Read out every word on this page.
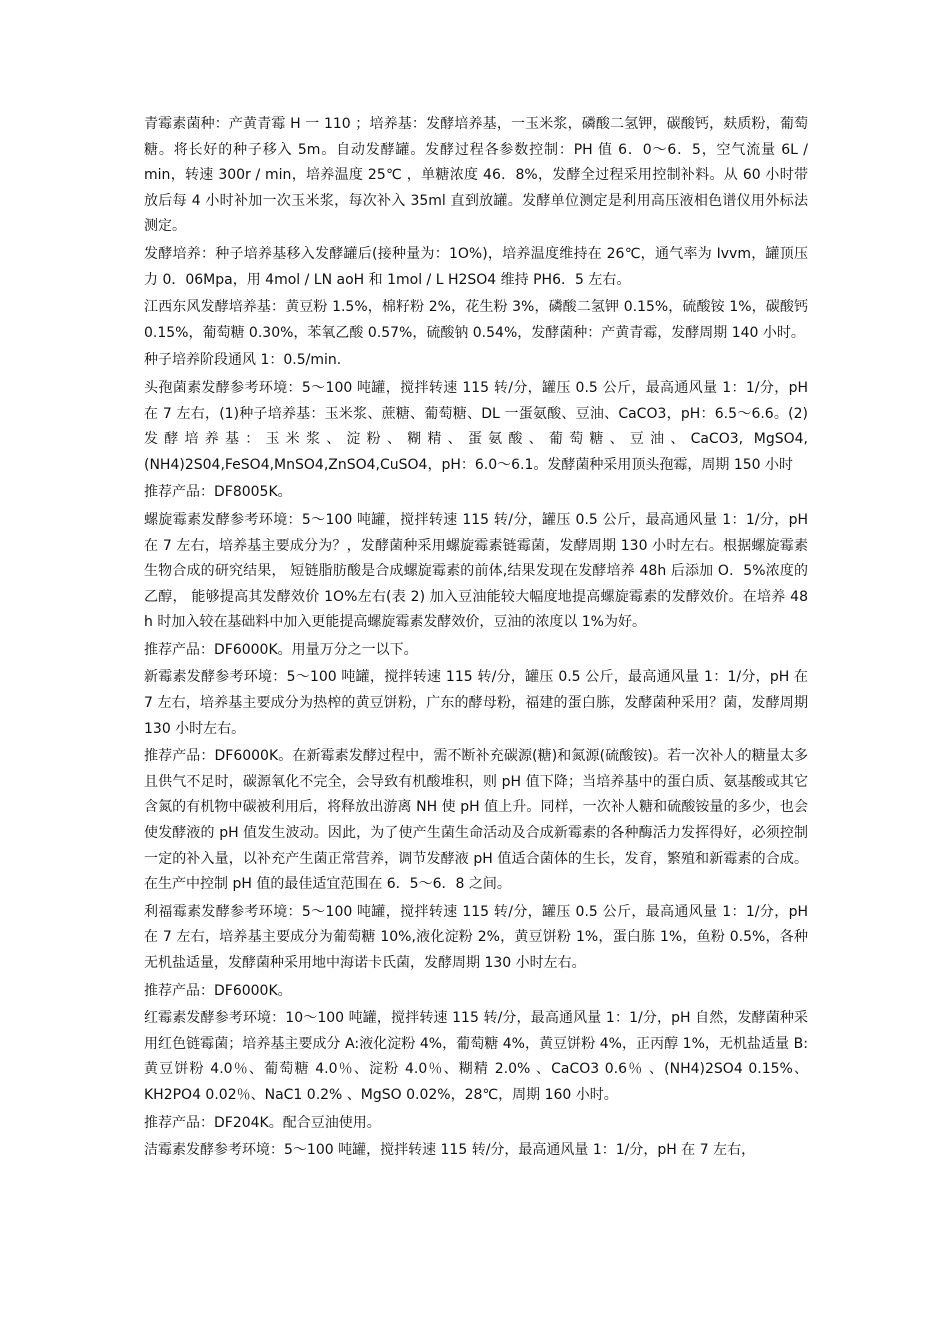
青霉素菌种：产黄青霉 H 一 110 ；培养基：发酵培养基，一玉米浆，磷酸二氢钾，碳酸钙，麸质粉，葡萄糖。将长好的种子移入 5m。自动发酵罐。发酵过程各参数控制：PH 值 6．0～6．5，空气流量 6L / min，转速 300r / min，培养温度 25℃ ，单糖浓度 46．8%，发酵全过程采用控制补料。从 60 小时带放后每 4 小时补加一次玉米浆，每次补入 35ml 直到放罐。发酵单位测定是利用高压液相色谱仪用外标法测定。

发酵培养：种子培养基移入发酵罐后(接种量为：1O%)，培养温度维持在 26℃，通气率为 Ivvm，罐顶压力 0．06Mpa，用 4mol / LN aoH 和 1mol / L H2SO4 维持 PH6．5 左右。

江西东风发酵培养基：黄豆粉 1.5%，棉籽粉 2%，花生粉 3%，磷酸二氢钾 0.15%，硫酸铵 1%，碳酸钙 0.15%，葡萄糖 0.30%，苯氧乙酸 0.57%，硫酸钠 0.54%，发酵菌种：产黄青霉，发酵周期 140 小时。

种子培养阶段通风 1：0.5/min.

头孢菌素发酵参考环境：5～100 吨罐，搅拌转速 115 转/分，罐压 0.5 公斤，最高通风量 1：1/分，pH 在 7 左右，(1)种子培养基：玉米浆、蔗糖、葡萄糖、DL 一蛋氨酸、豆油、CaCO3，pH：6.5～6.6。(2)发酵培养基：玉米浆、淀粉、糊精、蛋氨酸、葡萄糖、豆油、CaCO3, MgSO4,(NH4)2S04,FeSO4,MnSO4,ZnSO4,CuSO4，pH：6.0～6.1。发酵菌种采用顶头孢霉，周期 150 小时

推荐产品：DF8005K。

螺旋霉素发酵参考环境：5～100 吨罐，搅拌转速 115 转/分，罐压 0.5 公斤，最高通风量 1：1/分，pH 在 7 左右，培养基主要成分为？，发酵菌种采用螺旋霉素链霉菌，发酵周期 130 小时左右。根据螺旋霉素生物合成的研究结果， 短链脂肪酸是合成螺旋霉素的前体,结果发现在发酵培养 48h 后添加 O．5%浓度的乙醇， 能够提高其发酵效价 1O%左右(表 2) 加入豆油能较大幅度地提高螺旋霉素的发酵效价。在培养 48 h 时加入较在基础料中加入更能提高螺旋霉素发酵效价，豆油的浓度以 1%为好。

推荐产品：DF6000K。用量万分之一以下。

新霉素发酵参考环境：5～100 吨罐，搅拌转速 115 转/分，罐压 0.5 公斤，最高通风量 1：1/分，pH 在 7 左右，培养基主要成分为热榨的黄豆饼粉，广东的酵母粉，福建的蛋白胨，发酵菌种采用？菌，发酵周期 130 小时左右。

推荐产品：DF6000K。在新霉素发酵过程中，需不断补充碳源(糖)和氮源(硫酸铵)。若一次补人的糖量太多且供气不足时，碳源氧化不完全，会导致有机酸堆积，则 pH 值下降；当培养基中的蛋白质、氨基酸或其它含氮的有机物中碳被利用后，将释放出游离 NH 使 pH 值上升。同样，一次补人糖和硫酸铵量的多少，也会使发酵液的 pH 值发生波动。因此，为了使产生菌生命活动及合成新霉素的各种酶活力发挥得好，必须控制一定的补入量，以补充产生菌正常营养，调节发酵液 pH 值适合菌体的生长，发育，繁殖和新霉素的合成。在生产中控制 pH 值的最佳适宜范围在 6．5～6．8 之间。

利福霉素发酵参考环境：5～100 吨罐，搅拌转速 115 转/分，罐压 0.5 公斤，最高通风量 1：1/分，pH 在 7 左右，培养基主要成分为葡萄糖 10%,液化淀粉 2%，黄豆饼粉 1%，蛋白胨 1%，鱼粉 0.5%，各种无机盐适量，发酵菌种采用地中海诺卡氏菌，发酵周期 130 小时左右。

推荐产品：DF6000K。

红霉素发酵参考环境：10～100 吨罐，搅拌转速 115 转/分，最高通风量 1：1/分，pH 自然，发酵菌种采用红色链霉菌；培养基主要成分 A:液化淀粉 4%，葡萄糖 4%，黄豆饼粉 4%，正丙醇 1%，无机盐适量 B:黄豆饼粉 4.0％、葡萄糖 4.0％、淀粉 4.0％、糊精 2.0% 、CaCO3 0.6％ 、(NH4)2SO4 0.15%、KH2PO4 0.02％、NaC1 0.2% 、MgSO 0.02%，28℃，周期 160 小时。

推荐产品：DF204K。配合豆油使用。

洁霉素发酵参考环境：5～100 吨罐，搅拌转速 115 转/分，最高通风量 1：1/分，pH 在 7 左右，
